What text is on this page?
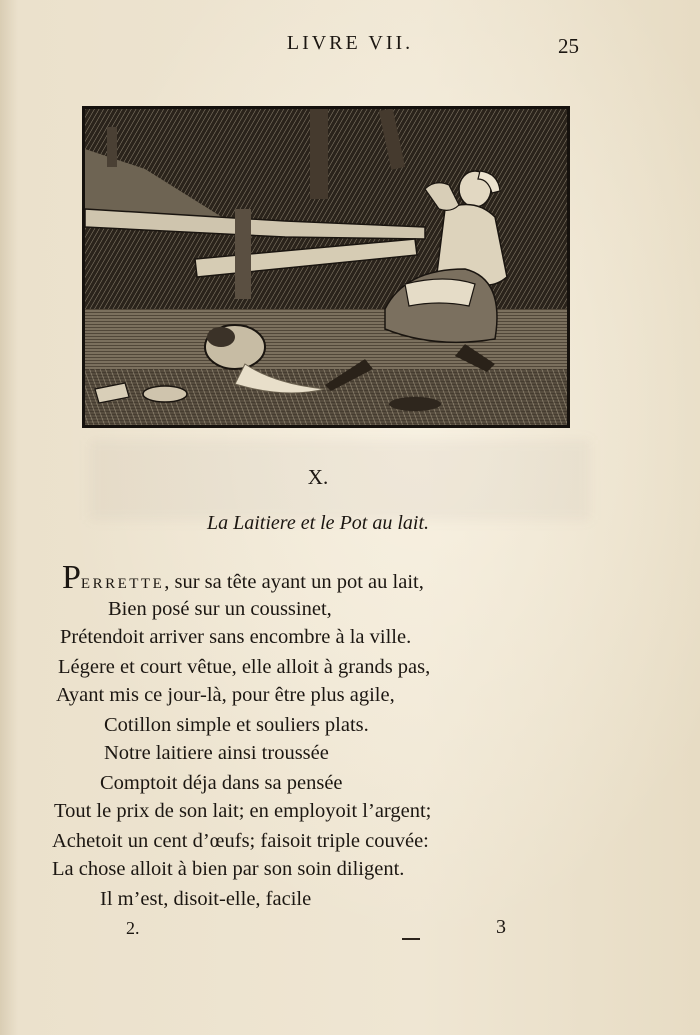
LIVRE VII.	25
X.
La Laitiere et le Pot au lait.
PERRETTE, sur sa tête ayant un pot au lait,
Bien posé sur un coussinet,
Prétendoit arriver sans encombre à la ville.
Légere et court vêtue, elle alloit à grands pas,
Ayant mis ce jour-là, pour être plus agile,
Cotillon simple et souliers plats.
Notre laitiere ainsi troussée
Comptoit déja dans sa pensée
Tout le prix de son lait; en employoit l’argent;
Achetoit un cent d’œufs; faisoit triple couvée:
La chose alloit à bien par son soin diligent.
Il m’est, disoit-elle, facile
2.	3
